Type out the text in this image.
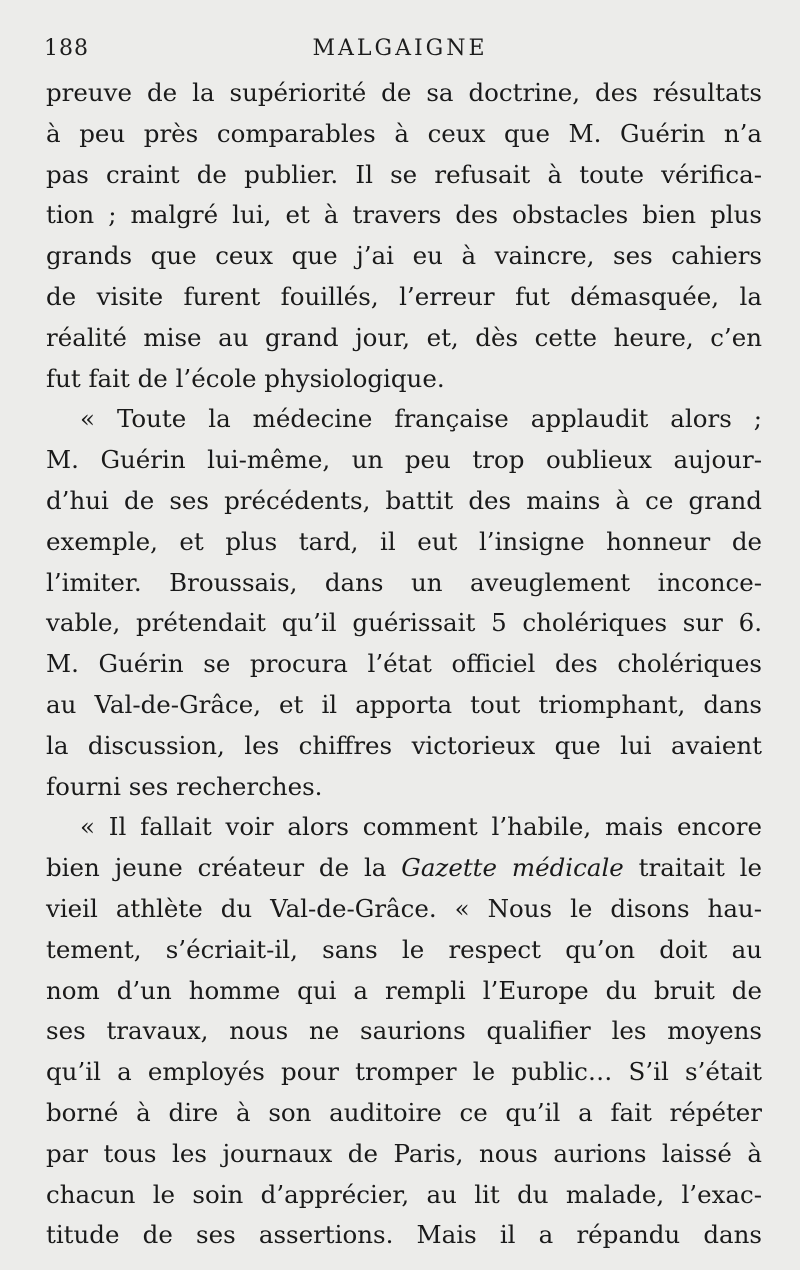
188	MALGAIGNE
preuve de la supériorité de sa doctrine, des résultats
à peu près comparables à ceux que M. Guérin n’a
pas craint de publier. Il se refusait à toute vérifica-
tion ; malgré lui, et à travers des obstacles bien plus
grands que ceux que j’ai eu à vaincre, ses cahiers
de visite furent fouillés, l’erreur fut démasquée, la
réalité mise au grand jour, et, dès cette heure, c’en
fut fait de l’école physiologique.
« Toute la médecine française applaudit alors ;
M. Guérin lui-même, un peu trop oublieux aujour-
d’hui de ses précédents, battit des mains à ce grand
exemple, et plus tard, il eut l’insigne honneur de
l’imiter. Broussais, dans un aveuglement inconce-
vable, prétendait qu’il guérissait 5 cholériques sur 6.
M. Guérin se procura l’état officiel des cholériques
au Val-de-Grâce, et il apporta tout triomphant, dans
la discussion, les chiffres victorieux que lui avaient
fourni ses recherches.
« Il fallait voir alors comment l’habile, mais encore
bien jeune créateur de la Gazette médicale traitait le
vieil athlète du Val-de-Grâce. « Nous le disons hau-
tement, s’écriait-il, sans le respect qu’on doit au
nom d’un homme qui a rempli l’Europe du bruit de
ses travaux, nous ne saurions qualifier les moyens
qu’il a employés pour tromper le public… S’il s’était
borné à dire à son auditoire ce qu’il a fait répéter
par tous les journaux de Paris, nous aurions laissé à
chacun le soin d’apprécier, au lit du malade, l’exac-
titude de ses assertions. Mais il a répandu dans
